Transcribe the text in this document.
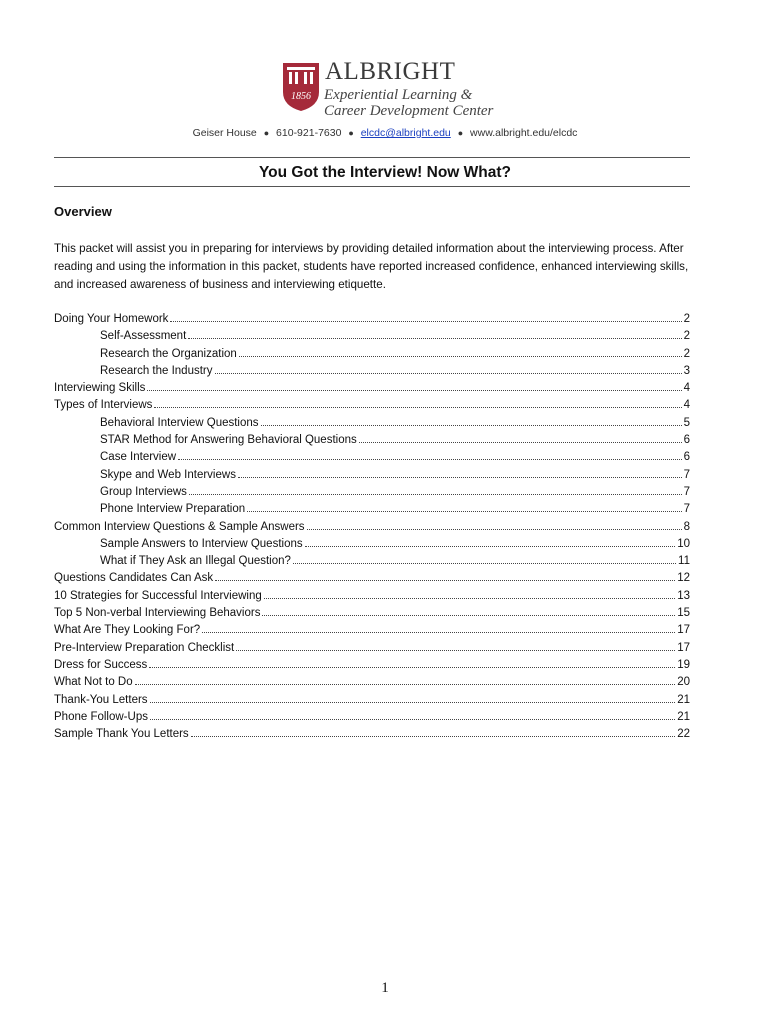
1856
ALBRIGHT
Experiential Learning &
Career Development Center
Geiser House ● 610-921-7630 ● elcdc@albright.edu ● www.albright.edu/elcdc
You Got the Interview! Now What?
Overview
This packet will assist you in preparing for interviews by providing detailed information about the interviewing process. After reading and using the information in this packet, students have reported increased confidence, enhanced interviewing skills, and increased awareness of business and interviewing etiquette.
Doing Your Homework	2
Self-Assessment	2
Research the Organization	2
Research the Industry	3
Interviewing Skills	4
Types of Interviews	4
Behavioral Interview Questions	5
STAR Method for Answering Behavioral Questions	6
Case Interview	6
Skype and Web Interviews	7
Group Interviews	7
Phone Interview Preparation	7
Common Interview Questions & Sample Answers	8
Sample Answers to Interview Questions	10
What if They Ask an Illegal Question?	11
Questions Candidates Can Ask	12
10 Strategies for Successful Interviewing	13
Top 5 Non-verbal Interviewing Behaviors	15
What Are They Looking For?	17
Pre-Interview Preparation Checklist	17
Dress for Success	19
What Not to Do	20
Thank-You Letters	21
Phone Follow-Ups	21
Sample Thank You Letters	22
1
